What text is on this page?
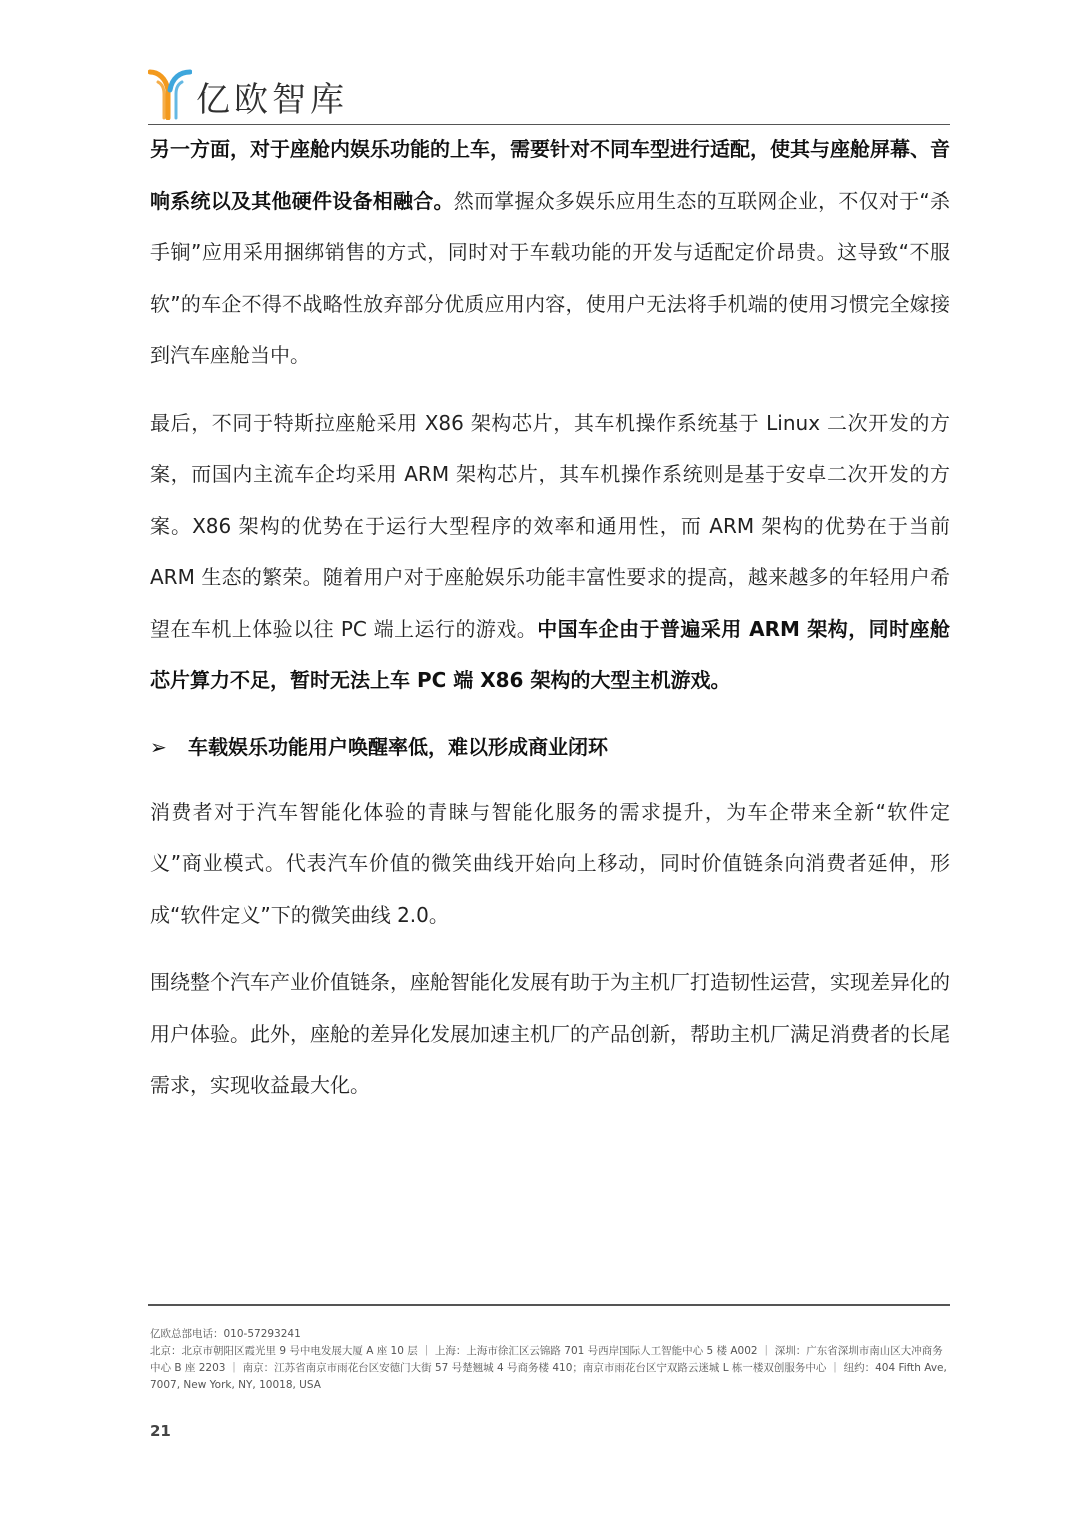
亿欧智库

另一方面，对于座舱内娱乐功能的上车，需要针对不同车型进行适配，使其与座舱屏幕、音响系统以及其他硬件设备相融合。然而掌握众多娱乐应用生态的互联网企业，不仅对于“杀手锏”应用采用捆绑销售的方式，同时对于车载功能的开发与适配定价昂贵。这导致“不服软”的车企不得不战略性放弃部分优质应用内容，使用户无法将手机端的使用习惯完全嫁接到汽车座舱当中。

最后，不同于特斯拉座舱采用 X86 架构芯片，其车机操作系统基于 Linux 二次开发的方案，而国内主流车企均采用 ARM 架构芯片，其车机操作系统则是基于安卓二次开发的方案。X86 架构的优势在于运行大型程序的效率和通用性，而 ARM 架构的优势在于当前 ARM 生态的繁荣。随着用户对于座舱娱乐功能丰富性要求的提高，越来越多的年轻用户希望在车机上体验以往 PC 端上运行的游戏。中国车企由于普遍采用 ARM 架构，同时座舱芯片算力不足，暂时无法上车 PC 端 X86 架构的大型主机游戏。

➢ 车载娱乐功能用户唤醒率低，难以形成商业闭环

消费者对于汽车智能化体验的青睐与智能化服务的需求提升，为车企带来全新“软件定义”商业模式。代表汽车价值的微笑曲线开始向上移动，同时价值链条向消费者延伸，形成“软件定义”下的微笑曲线 2.0。

围绕整个汽车产业价值链条，座舱智能化发展有助于为主机厂打造韧性运营，实现差异化的用户体验。此外，座舱的差异化发展加速主机厂的产品创新，帮助主机厂满足消费者的长尾需求，实现收益最大化。

亿欧总部电话：010-57293241

北京：北京市朝阳区霞光里 9 号中电发展大厦 A 座 10 层 ｜ 上海：上海市徐汇区云锦路 701 号西岸国际人工智能中心 5 楼 A002 ｜ 深圳：广东省深圳市南山区大冲商务中心 B 座 2203 ｜ 南京：江苏省南京市雨花台区安德门大街 57 号楚翘城 4 号商务楼 410；南京市雨花台区宁双路云迷城 L 栋一楼双创服务中心 ｜ 纽约：404 Fifth Ave, 7007, New York, NY, 10018, USA

21
